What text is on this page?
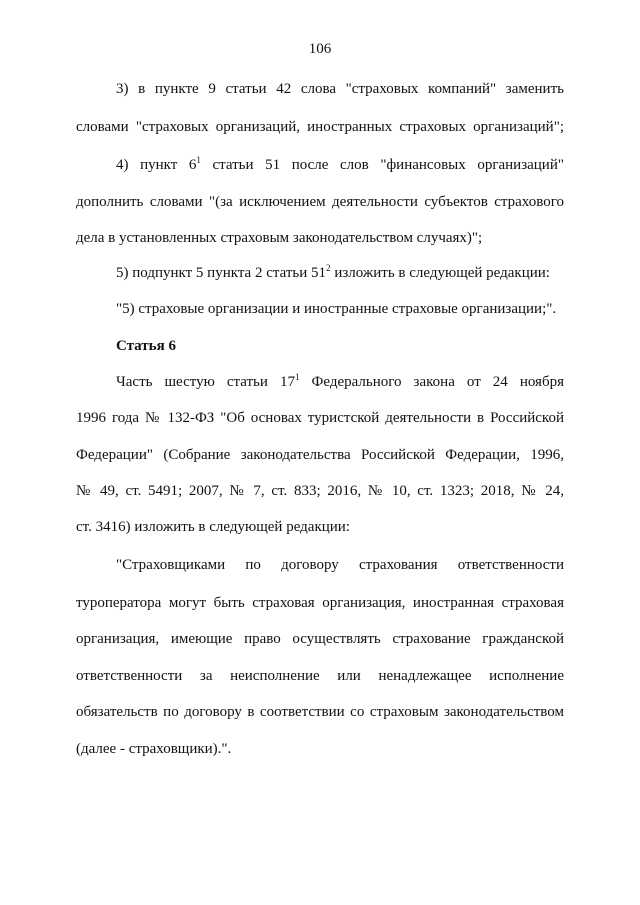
106
3) в пункте 9 статьи 42 слова "страховых компаний" заменить
словами "страховых организаций, иностранных страховых организаций";
4) пункт $6^1$ статьи 51 после слов "финансовых организаций"
дополнить словами "(за исключением деятельности субъектов страхового
дела в установленных страховым законодательством случаях)";
5) подпункт 5 пункта 2 статьи $51^2$ изложить в следующей редакции:
"5) страховые организации и иностранные страховые организации;".
Статья 6
Часть шестую статьи $17^1$ Федерального закона от 24 ноября
1996 года № 132-ФЗ "Об основах туристской деятельности в Российской
Федерации" (Собрание законодательства Российской Федерации, 1996,
№ 49, ст. 5491; 2007, № 7, ст. 833; 2016, № 10, ст. 1323; 2018, № 24,
ст. 3416) изложить в следующей редакции:
"Страховщиками по договору страхования ответственности
туроператора могут быть страховая организация, иностранная страховая
организация, имеющие право осуществлять страхование гражданской
ответственности за неисполнение или ненадлежащее исполнение
обязательств по договору в соответствии со страховым законодательством
(далее - страховщики).".
